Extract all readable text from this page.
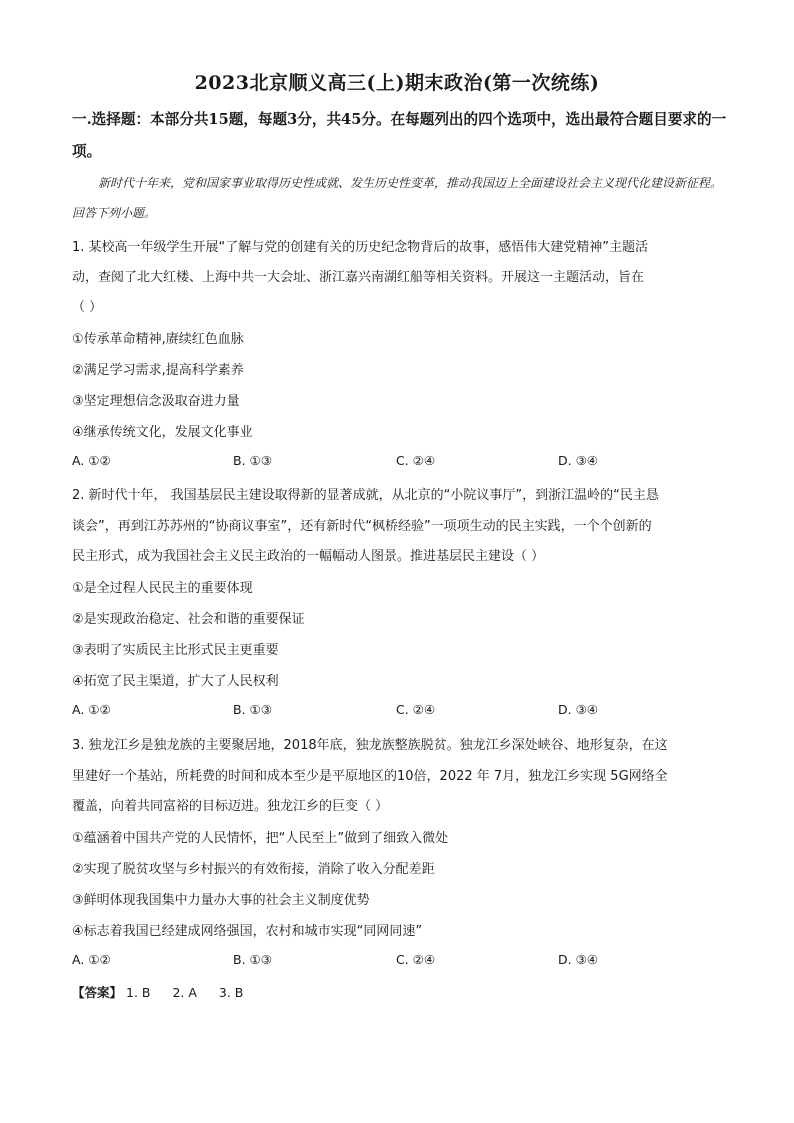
2023北京顺义高三(上)期末政治(第一次统练)
一.选择题：本部分共15题，每题3分，共45分。在每题列出的四个选项中，选出最符合题目要求的一项。
新时代十年来，党和国家事业取得历史性成就、发生历史性变革，推动我国迈上全面建设社会主义现代化建设新征程。回答下列小题。
1. 某校高一年级学生开展“了解与党的创建有关的历史纪念物背后的故事，感悟伟大建党精神”主题活
动，查阅了北大红楼、上海中共一大会址、浙江嘉兴南湖红船等相关资料。开展这一主题活动，旨在
（ ）
①传承革命精神,赓续红色血脉
②满足学习需求,提高科学素养
③坚定理想信念汲取奋进力量
④继承传统文化，发展文化事业
A. ①②	B. ①③	C. ②④	D. ③④
2. 新时代十年， 我国基层民主建设取得新的显著成就，从北京的“小院议事厅”，到浙江温岭的“民主恳
谈会”，再到江苏苏州的“协商议事室”，还有新时代“枫桥经验”一项项生动的民主实践，一个个创新的
民主形式，成为我国社会主义民主政治的一幅幅动人图景。推进基层民主建设（ ）
①是全过程人民民主的重要体现
②是实现政治稳定、社会和谐的重要保证
③表明了实质民主比形式民主更重要
④拓宽了民主渠道，扩大了人民权利
A. ①②	B. ①③	C. ②④	D. ③④
3. 独龙江乡是独龙族的主要聚居地，2018年底，独龙族整族脱贫。独龙江乡深处峡谷、地形复杂，在这
里建好一个基站，所耗费的时间和成本至少是平原地区的10倍，2022 年 7月，独龙江乡实现 5G网络全
覆盖，向着共同富裕的目标迈进。独龙江乡的巨变（ ）
①蕴涵着中国共产党的人民情怀，把“人民至上”做到了细致入微处
②实现了脱贫攻坚与乡村振兴的有效衔接，消除了收入分配差距
③鲜明体现我国集中力量办大事的社会主义制度优势
④标志着我国已经建成网络强国，农村和城市实现“同网同速”
A. ①②	B. ①③	C. ②④	D. ③④
【答案】 1. B 2. A 3. B
